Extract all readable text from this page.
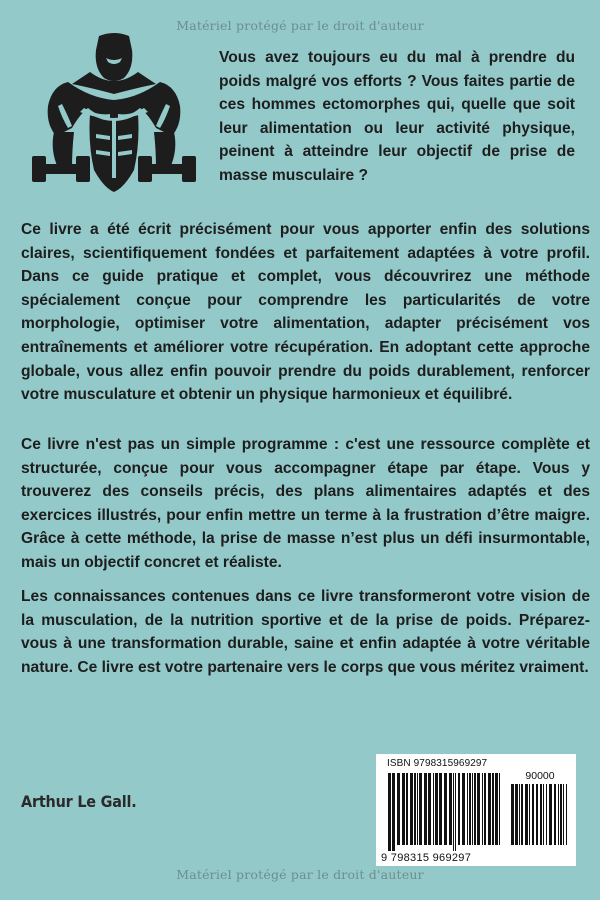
Matériel protégé par le droit d'auteur

Vous avez toujours eu du mal à prendre du poids malgré vos efforts ? Vous faites partie de ces hommes ectomorphes qui, quelle que soit leur alimentation ou leur activité physique, peinent à atteindre leur objectif de prise de masse musculaire ?

Ce livre a été écrit précisément pour vous apporter enfin des solutions claires, scientifiquement fondées et parfaitement adaptées à votre profil. Dans ce guide pratique et complet, vous découvrirez une méthode spécialement conçue pour comprendre les particularités de votre morphologie, optimiser votre alimentation, adapter précisément vos entraînements et améliorer votre récupération. En adoptant cette approche globale, vous allez enfin pouvoir prendre du poids durablement, renforcer votre musculature et obtenir un physique harmonieux et équilibré.

Ce livre n'est pas un simple programme : c'est une ressource complète et structurée, conçue pour vous accompagner étape par étape. Vous y trouverez des conseils précis, des plans alimentaires adaptés et des exercices illustrés, pour enfin mettre un terme à la frustration d’être maigre. Grâce à cette méthode, la prise de masse n’est plus un défi insurmontable, mais un objectif concret et réaliste.

Les connaissances contenues dans ce livre transformeront votre vision de la musculation, de la nutrition sportive et de la prise de poids. Préparez-vous à une transformation durable, saine et enfin adaptée à votre véritable nature. Ce livre est votre partenaire vers le corps que vous méritez vraiment.

Arthur Le Gall.

ISBN 9798315969297
90000
9 798315 969297
Matériel protégé par le droit d'auteur
